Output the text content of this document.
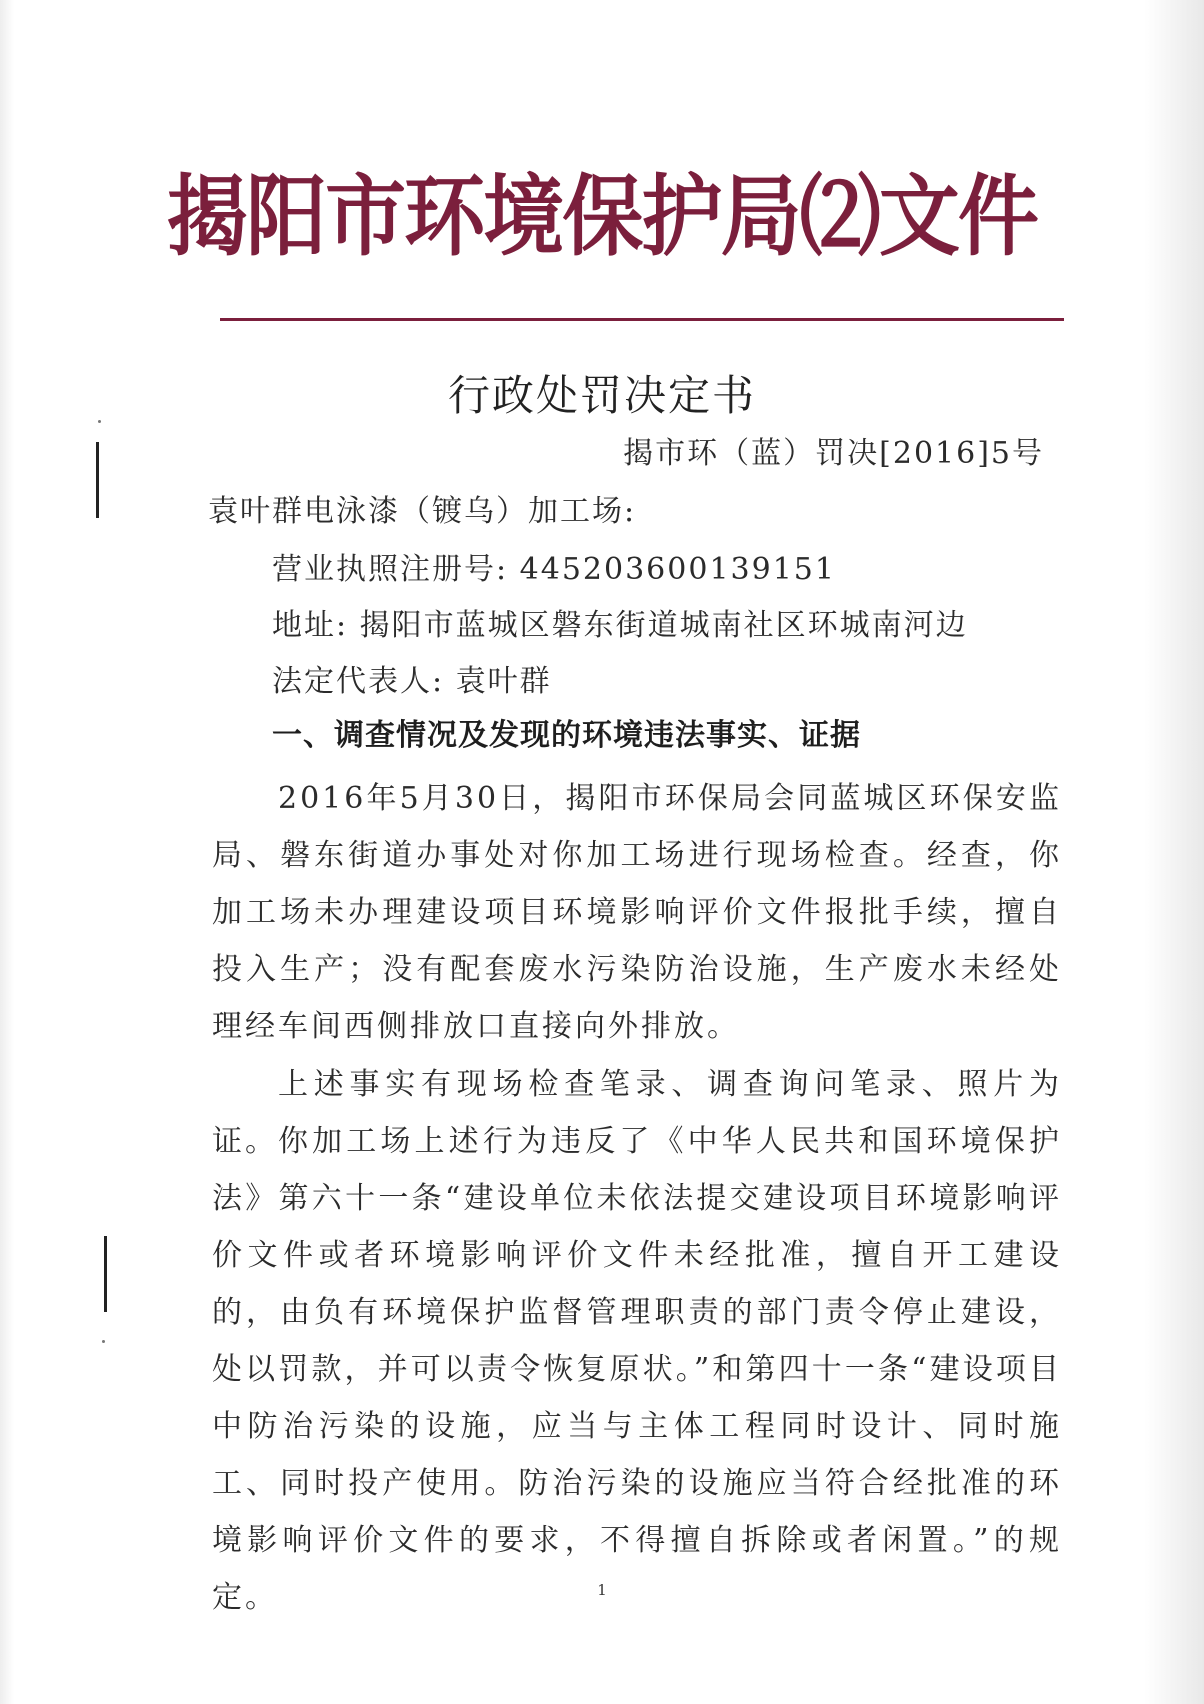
揭阳市环境保护局⑵文件
行政处罚决定书
揭市环（蓝）罚决[2016]5号
袁叶群电泳漆（镀乌）加工场:
营业执照注册号: 445203600139151
地址: 揭阳市蓝城区磐东街道城南社区环城南河边
法定代表人: 袁叶群
一、调查情况及发现的环境违法事实、证据
2016年5月30日，揭阳市环保局会同蓝城区环保安监局、磐东街道办事处对你加工场进行现场检查。经查，你加工场未办理建设项目环境影响评价文件报批手续，擅自投入生产；没有配套废水污染防治设施，生产废水未经处理经车间西侧排放口直接向外排放。
上述事实有现场检查笔录、调查询问笔录、照片为证。 你加工场上述行为违反了《中华人民共和国环境保护法》第六十一条“建设单位未依法提交建设项目环境影响评价文件或者环境影响评价文件未经批准，擅自开工建设的，由负有环境保护监督管理职责的部门责令停止建设，处以罚款，并可以责令恢复原状。”和第四十一条“建设项目中防治污染的设施，应当与主体工程同时设计、同时施工、同时投产使用。防治污染的设施应当符合经批准的环境影响评价文件的要求，不得擅自拆除或者闲置。”的规定。	1
